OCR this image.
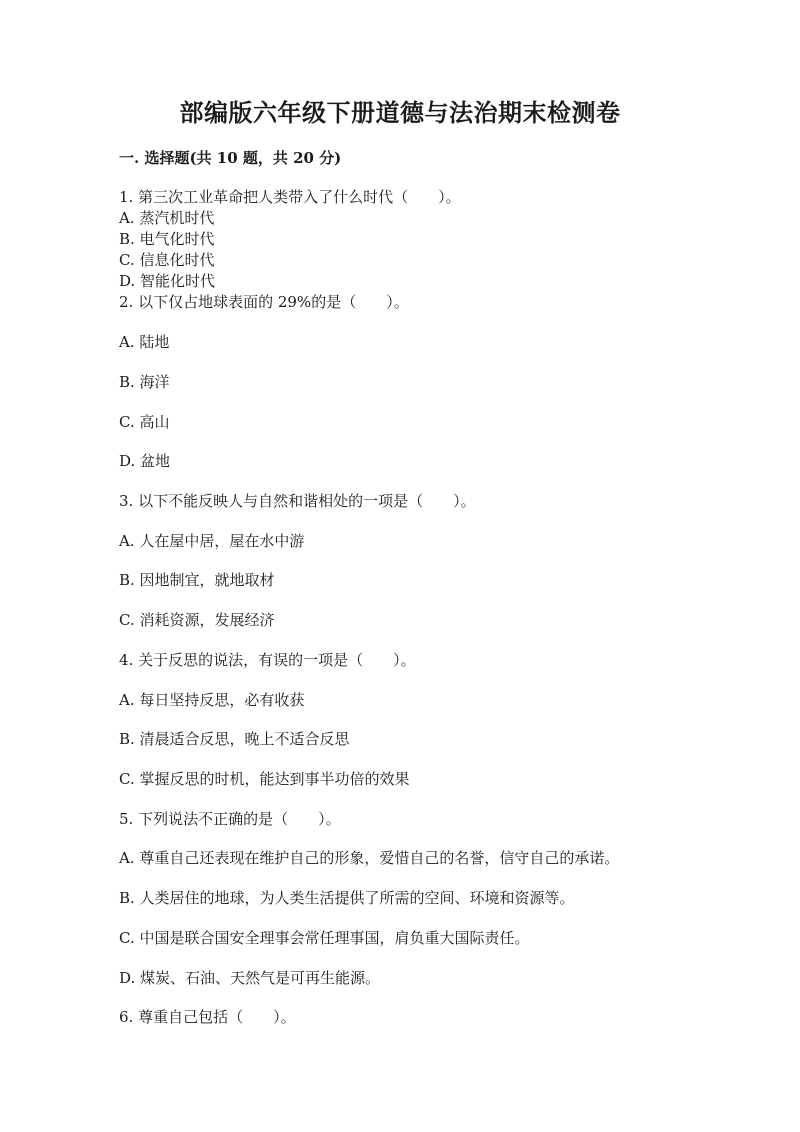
部编版六年级下册道德与法治期末检测卷
一. 选择题(共 10 题，共 20 分)
1. 第三次工业革命把人类带入了什么时代（　　）。
A. 蒸汽机时代
B. 电气化时代
C. 信息化时代
D. 智能化时代
2. 以下仅占地球表面的 29%的是（　　）。
A. 陆地
B. 海洋
C. 高山
D. 盆地
3. 以下不能反映人与自然和谐相处的一项是（　　）。
A. 人在屋中居，屋在水中游
B. 因地制宜，就地取材
C. 消耗资源，发展经济
4. 关于反思的说法，有误的一项是（　　）。
A. 每日坚持反思，必有收获
B. 清晨适合反思，晚上不适合反思
C. 掌握反思的时机，能达到事半功倍的效果
5. 下列说法不正确的是（　　）。
A. 尊重自己还表现在维护自己的形象，爱惜自己的名誉，信守自己的承诺。
B. 人类居住的地球，为人类生活提供了所需的空间、环境和资源等。
C. 中国是联合国安全理事会常任理事国，肩负重大国际责任。
D. 煤炭、石油、天然气是可再生能源。
6. 尊重自己包括（　　）。
